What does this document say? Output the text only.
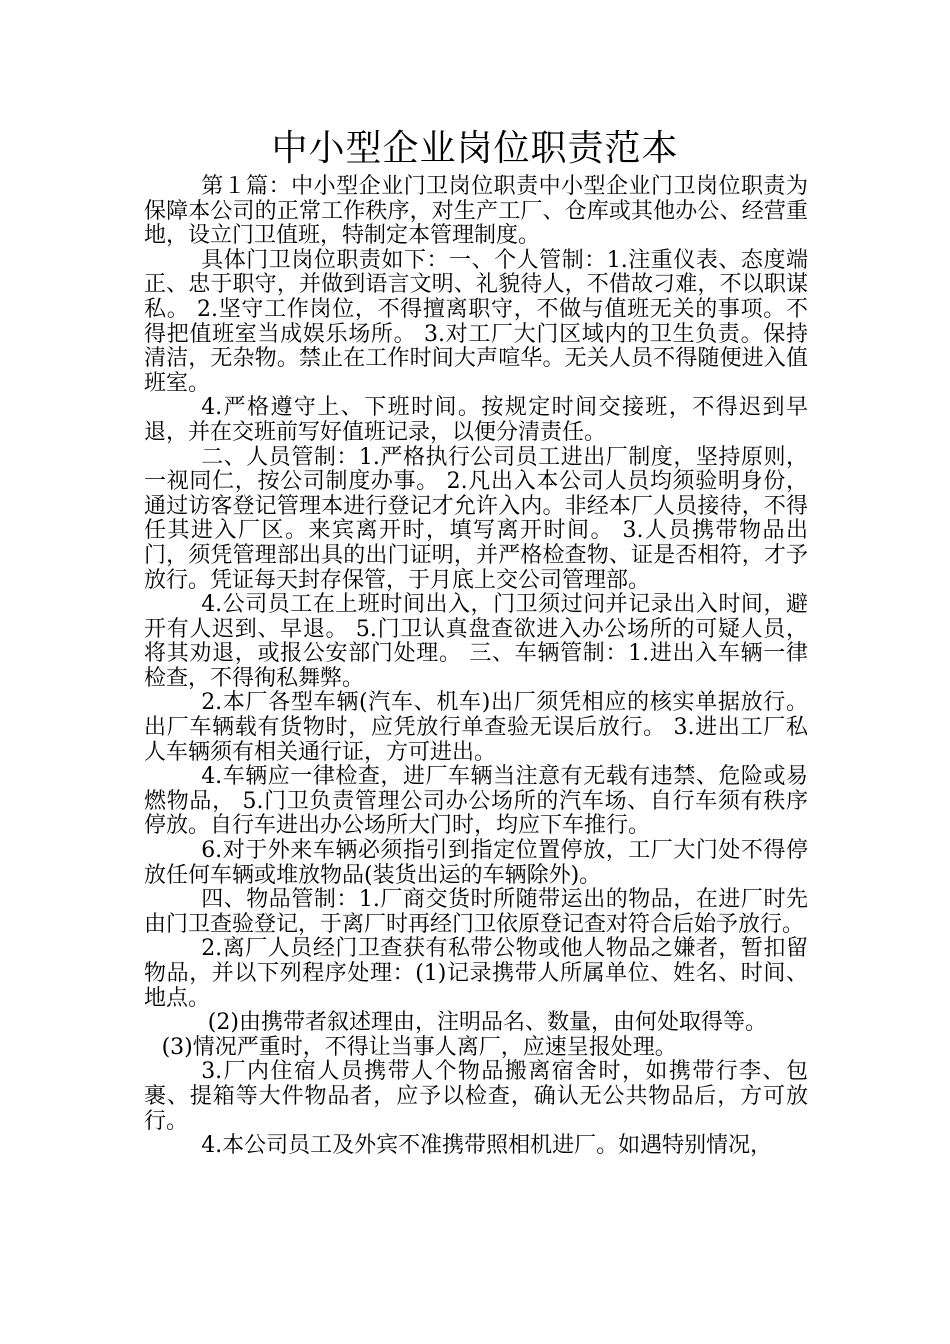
中小型企业岗位职责范本

第１篇：中小型企业门卫岗位职责中小型企业门卫岗位职责为保障本公司的正常工作秩序，对生产工厂、仓库或其他办公、经营重地，设立门卫值班，特制定本管理制度。

具体门卫岗位职责如下：一、个人管制：1.注重仪表、态度端正、忠于职守，并做到语言文明、礼貌待人，不借故刁难，不以职谋私。 2.坚守工作岗位，不得擅离职守，不做与值班无关的事项。不得把值班室当成娱乐场所。 3.对工厂大门区域内的卫生负责。保持清洁，无杂物。禁止在工作时间大声喧华。无关人员不得随便进入值班室。

4.严格遵守上、下班时间。按规定时间交接班，不得迟到早退，并在交班前写好值班记录，以便分清责任。

二、人员管制：1.严格执行公司员工进出厂制度，坚持原则，一视同仁，按公司制度办事。 2.凡出入本公司人员均须验明身份，通过访客登记管理本进行登记才允许入内。非经本厂人员接待，不得任其进入厂区。来宾离开时，填写离开时间。 3.人员携带物品出门，须凭管理部出具的出门证明，并严格检查物、证是否相符，才予放行。凭证每天封存保管，于月底上交公司管理部。

4.公司员工在上班时间出入，门卫须过问并记录出入时间，避开有人迟到、早退。 5.门卫认真盘查欲进入办公场所的可疑人员，将其劝退，或报公安部门处理。 三、车辆管制：1.进出入车辆一律检查，不得徇私舞弊。

2.本厂各型车辆(汽车、机车)出厂须凭相应的核实单据放行。出厂车辆载有货物时，应凭放行单查验无误后放行。 3.进出工厂私人车辆须有相关通行证，方可进出。

4.车辆应一律检查，进厂车辆当注意有无载有违禁、危险或易燃物品， 5.门卫负责管理公司办公场所的汽车场、自行车须有秩序停放。自行车进出办公场所大门时，均应下车推行。

6.对于外来车辆必须指引到指定位置停放，工厂大门处不得停放任何车辆或堆放物品(装货出运的车辆除外)。

四、物品管制：1.厂商交货时所随带运出的物品，在进厂时先由门卫查验登记，于离厂时再经门卫依原登记查对符合后始予放行。

2.离厂人员经门卫查获有私带公物或他人物品之嫌者，暂扣留物品，并以下列程序处理：(1)记录携带人所属单位、姓名、时间、地点。

(2)由携带者叙述理由，注明品名、数量，由何处取得等。

(3)情况严重时，不得让当事人离厂，应速呈报处理。

3.厂内住宿人员携带人个物品搬离宿舍时，如携带行李、包裹、提箱等大件物品者，应予以检查，确认无公共物品后，方可放行。

4.本公司员工及外宾不准携带照相机进厂。如遇特别情况，
